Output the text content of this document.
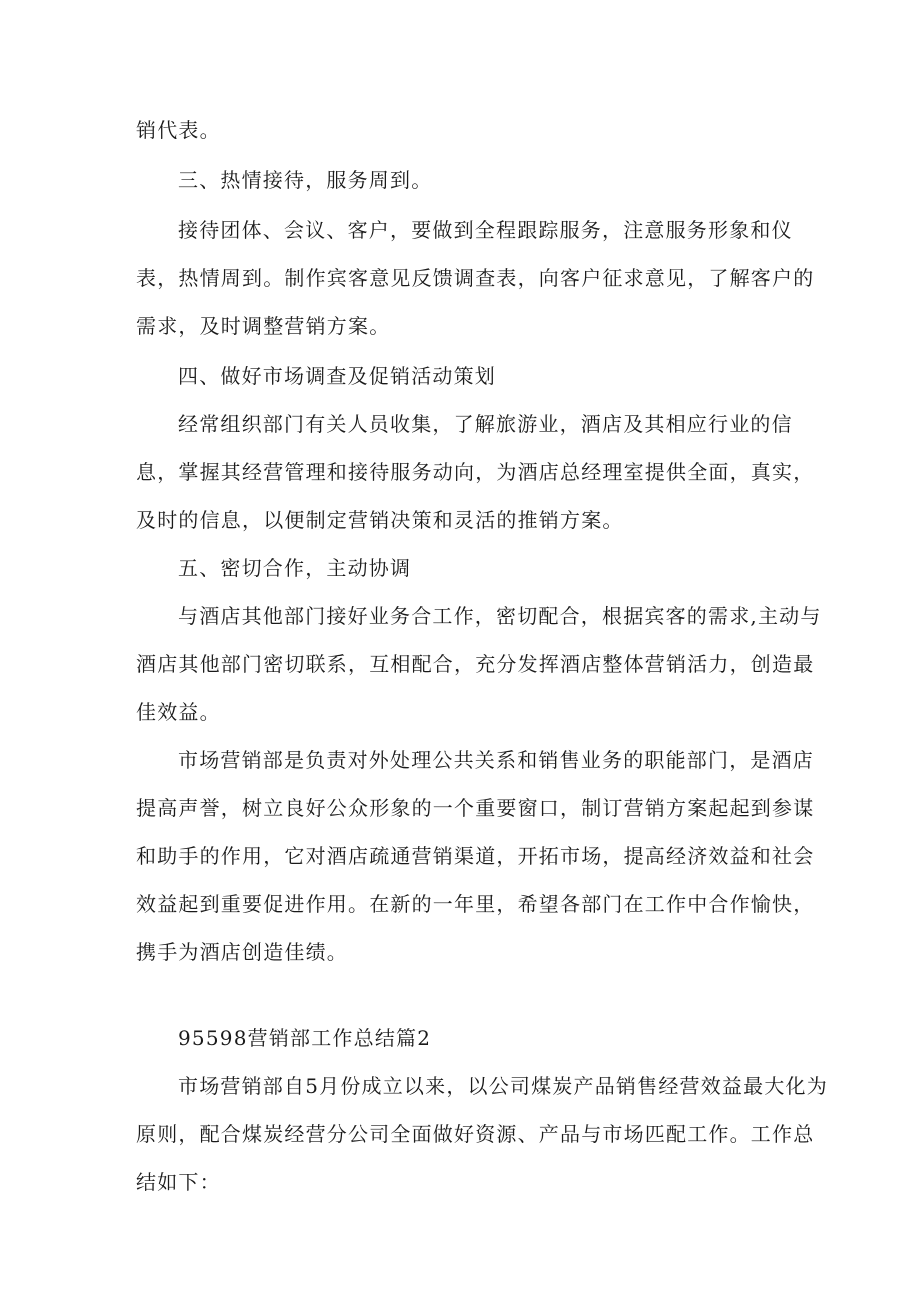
销代表。
三、热情接待，服务周到。
接待团体、会议、客户，要做到全程跟踪服务，注意服务形象和仪
表，热情周到。制作宾客意见反馈调查表，向客户征求意见，了解客户的
需求，及时调整营销方案。
四、做好市场调查及促销活动策划
经常组织部门有关人员收集，了解旅游业，酒店及其相应行业的信
息，掌握其经营管理和接待服务动向，为酒店总经理室提供全面，真实，
及时的信息，以便制定营销决策和灵活的推销方案。
五、密切合作，主动协调
与酒店其他部门接好业务合工作，密切配合，根据宾客的需求,主动与
酒店其他部门密切联系，互相配合，充分发挥酒店整体营销活力，创造最
佳效益。
市场营销部是负责对外处理公共关系和销售业务的职能部门，是酒店
提高声誉，树立良好公众形象的一个重要窗口，制订营销方案起起到参谋
和助手的作用，它对酒店疏通营销渠道，开拓市场，提高经济效益和社会
效益起到重要促进作用。在新的一年里，希望各部门在工作中合作愉快，
携手为酒店创造佳绩。
95598营销部工作总结篇2
市场营销部自5月份成立以来，以公司煤炭产品销售经营效益最大化为
原则，配合煤炭经营分公司全面做好资源、产品与市场匹配工作。工作总
结如下：
